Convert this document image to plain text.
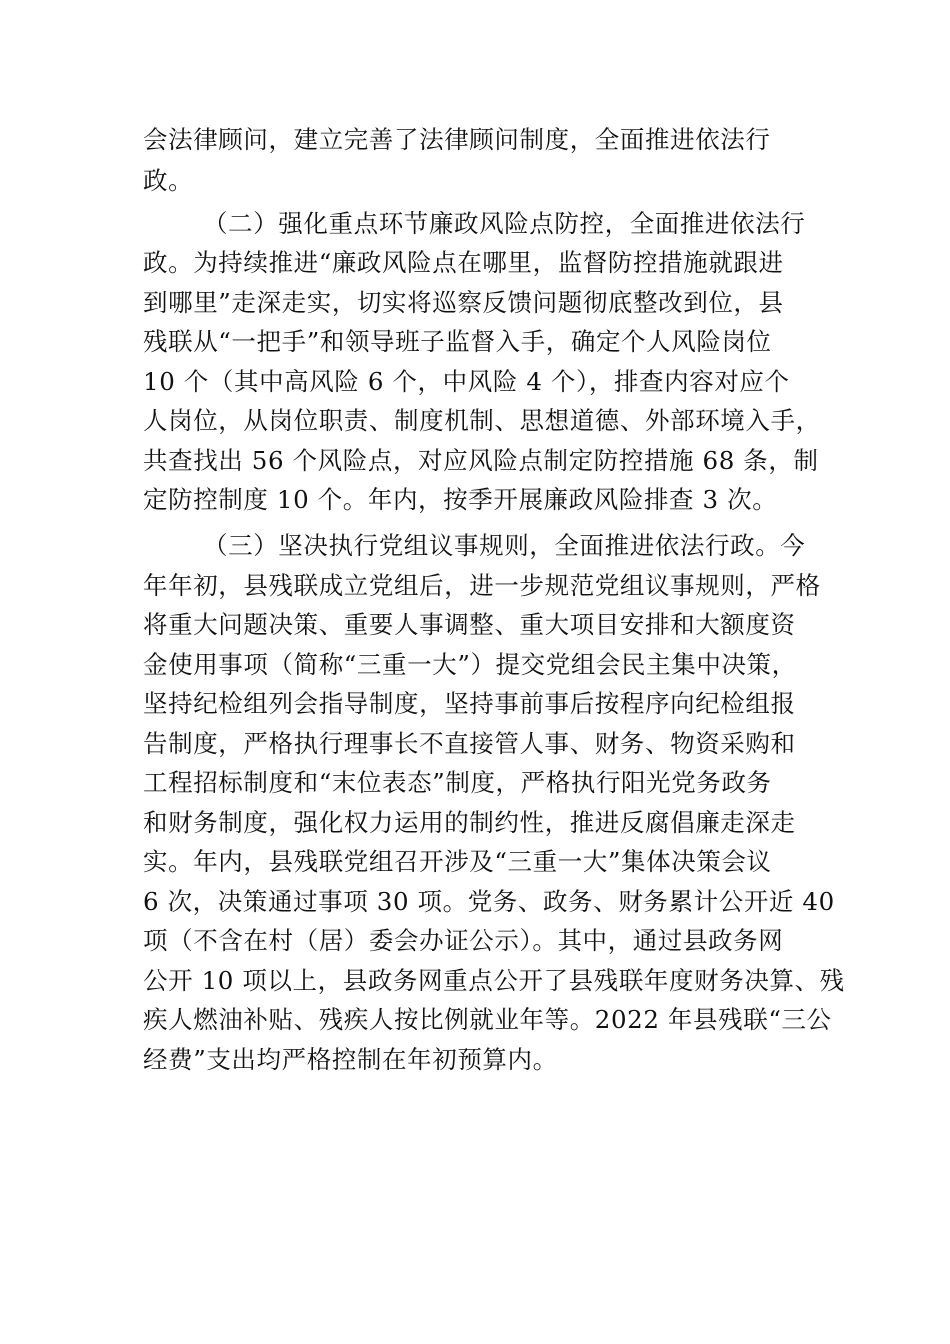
会法律顾问，建立完善了法律顾问制度，全面推进依法行
政。
（二）强化重点环节廉政风险点防控，全面推进依法行
政。为持续推进“廉政风险点在哪里，监督防控措施就跟进
到哪里”走深走实，切实将巡察反馈问题彻底整改到位，县
残联从“一把手”和领导班子监督入手，确定个人风险岗位
10 个（其中高风险 6 个，中风险 4 个），排查内容对应个
人岗位，从岗位职责、制度机制、思想道德、外部环境入手，
共查找出 56 个风险点，对应风险点制定防控措施 68 条，制
定防控制度 10 个。年内，按季开展廉政风险排查 3 次。
（三）坚决执行党组议事规则，全面推进依法行政。今
年年初，县残联成立党组后，进一步规范党组议事规则，严格
将重大问题决策、重要人事调整、重大项目安排和大额度资
金使用事项（简称“三重一大”）提交党组会民主集中决策，
坚持纪检组列会指导制度，坚持事前事后按程序向纪检组报
告制度，严格执行理事长不直接管人事、财务、物资采购和
工程招标制度和“末位表态”制度，严格执行阳光党务政务
和财务制度，强化权力运用的制约性，推进反腐倡廉走深走
实。年内，县残联党组召开涉及“三重一大”集体决策会议
6 次，决策通过事项 30 项。党务、政务、财务累计公开近 40
项（不含在村（居）委会办证公示）。其中，通过县政务网
公开 10 项以上，县政务网重点公开了县残联年度财务决算、残
疾人燃油补贴、残疾人按比例就业年等。2022 年县残联“三公
经费”支出均严格控制在年初预算内。
